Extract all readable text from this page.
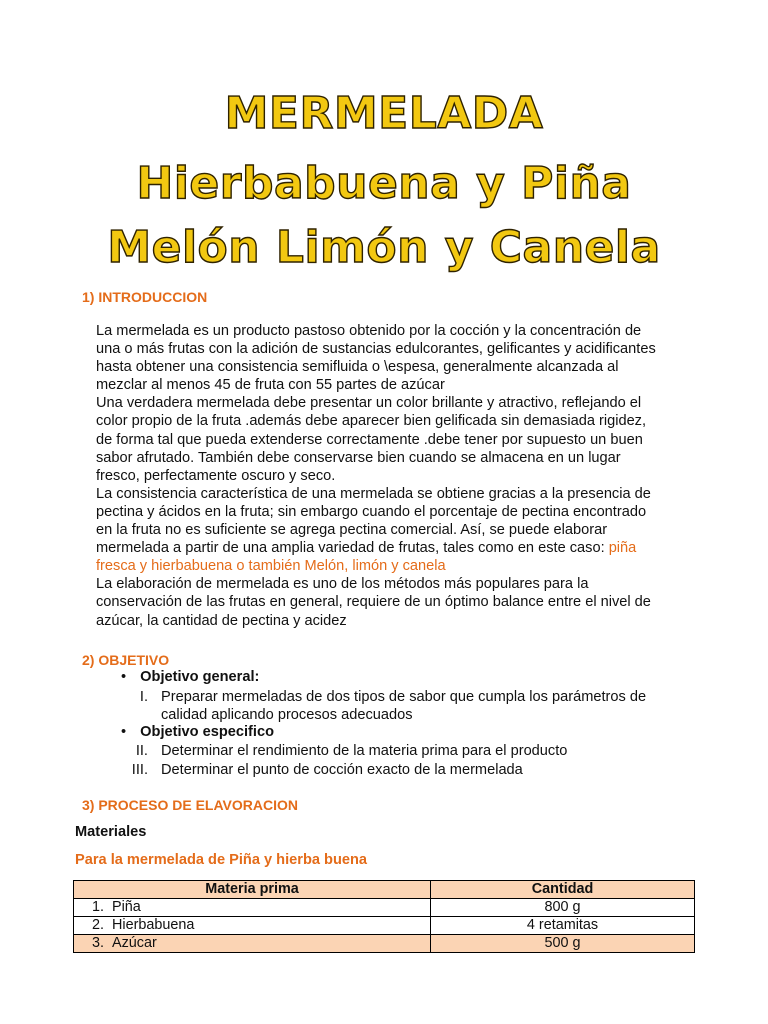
MERMELADA
Hierbabuena y Piña
Melón Limón y Canela
1) INTRODUCCION
La mermelada es un producto pastoso obtenido por la cocción y la concentración de
una o más frutas con la adición de sustancias edulcorantes, gelificantes y acidificantes
hasta obtener una consistencia semifluida o \espesa, generalmente alcanzada al
mezclar al menos 45 de fruta con 55 partes de azúcar
Una verdadera mermelada debe presentar un color brillante y atractivo, reflejando el
color propio de la fruta .además debe aparecer bien gelificada sin demasiada rigidez,
de forma tal que pueda extenderse correctamente .debe tener por supuesto un buen
sabor afrutado. También debe conservarse bien cuando se almacena en un lugar
fresco, perfectamente oscuro y seco.
La consistencia característica de una mermelada se obtiene gracias a la presencia de
pectina y ácidos en la fruta; sin embargo cuando el porcentaje de pectina encontrado
en la fruta no es suficiente se agrega pectina comercial. Así, se puede elaborar
mermelada a partir de una amplia variedad de frutas, tales como en este caso: piña
fresca y hierbabuena o también Melón, limón y canela
La elaboración de mermelada es uno de los métodos más populares para la
conservación de las frutas en general, requiere de un óptimo balance entre el nivel de
azúcar, la cantidad de pectina y acidez
2) OBJETIVO
• Objetivo general:
I. Preparar mermeladas de dos tipos de sabor que cumpla los parámetros de
calidad aplicando procesos adecuados
• Objetivo especifico
II. Determinar el rendimiento de la materia prima para el producto
III. Determinar el punto de cocción exacto de la mermelada
3) PROCESO DE ELAVORACION
Materiales
Para la mermelada de Piña y hierba buena
Materia prima	Cantidad
1. Piña	800 g
2. Hierbabuena	4 retamitas
3. Azúcar	500 g
